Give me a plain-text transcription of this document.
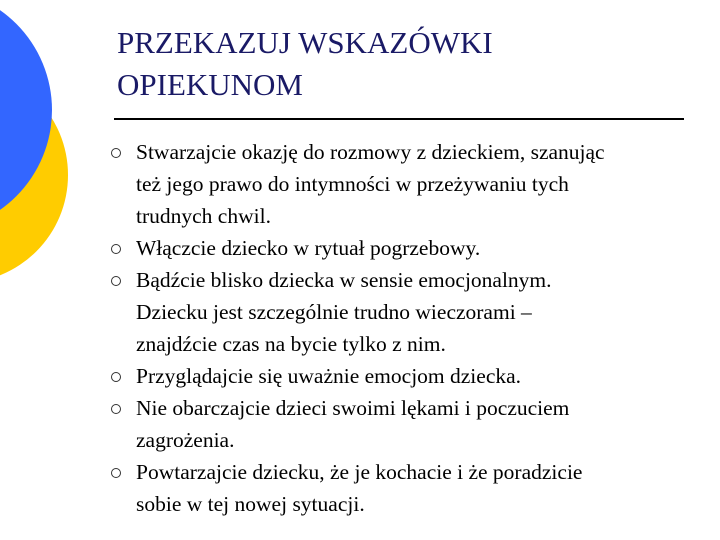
PRZEKAZUJ WSKAZÓWKI
OPIEKUNOM
Stwarzajcie okazję do rozmowy z dzieckiem, szanując
też jego prawo do intymności w przeżywaniu tych
trudnych chwil.
Włączcie dziecko w rytuał pogrzebowy.
Bądźcie blisko dziecka w sensie emocjonalnym.
Dziecku jest szczególnie trudno wieczorami –
znajdźcie czas na bycie tylko z nim.
Przyglądajcie się uważnie emocjom dziecka.
Nie obarczajcie dzieci swoimi lękami i poczuciem
zagrożenia.
Powtarzajcie dziecku, że je kochacie i że poradzicie
sobie w tej nowej sytuacji.
